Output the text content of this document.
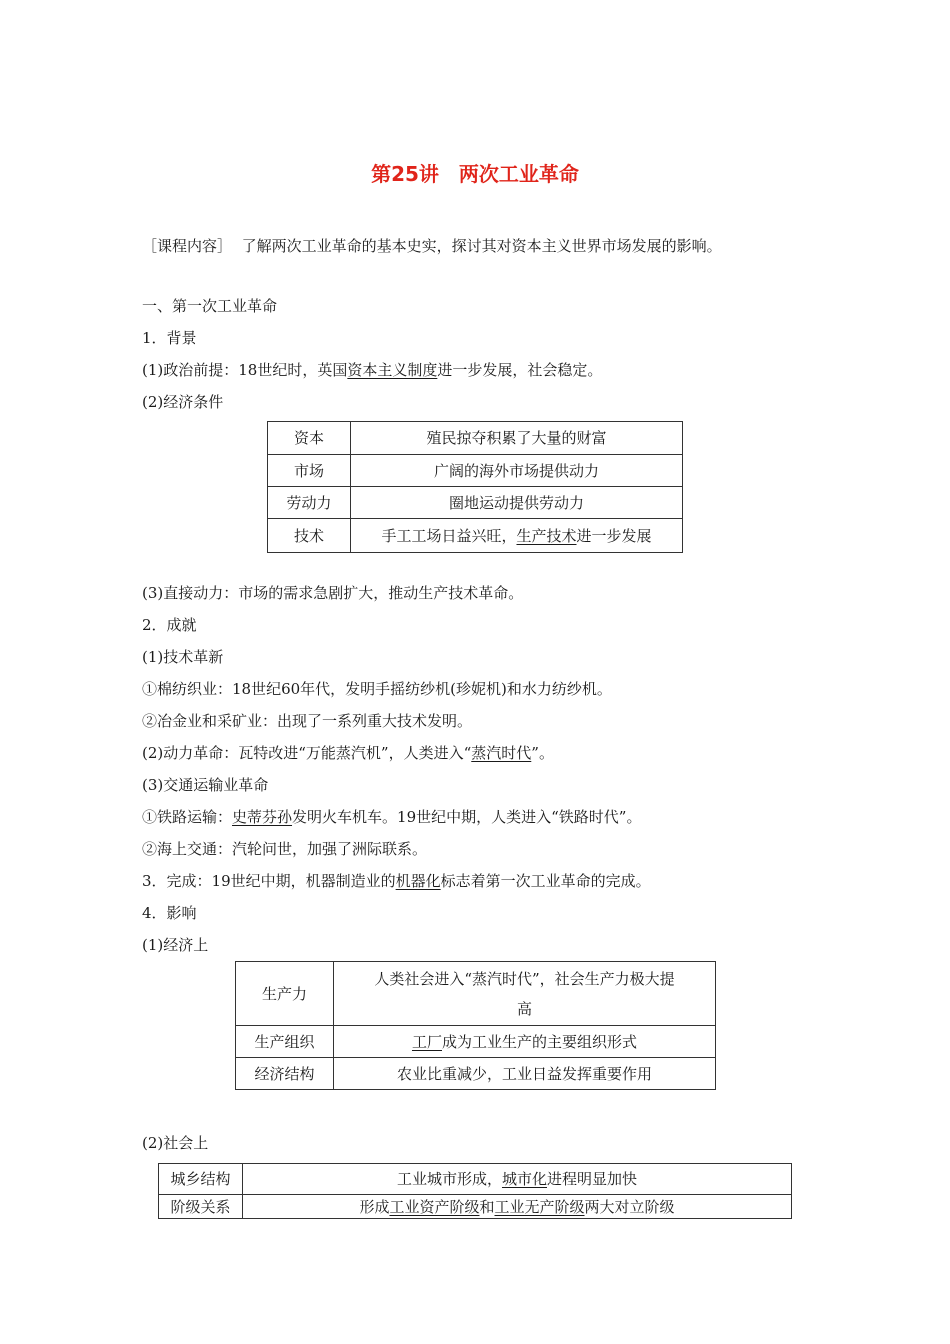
第25讲　两次工业革命
［课程内容］ 了解两次工业革命的基本史实，探讨其对资本主义世界市场发展的影响。
一、第一次工业革命
1．背景
(1)政治前提：18世纪时，英国资本主义制度进一步发展，社会稳定。
(2)经济条件
资本	殖民掠夺积累了大量的财富
市场	广阔的海外市场提供动力
劳动力	圈地运动提供劳动力
技术	手工工场日益兴旺，生产技术进一步发展
(3)直接动力：市场的需求急剧扩大，推动生产技术革命。
2．成就
(1)技术革新
①棉纺织业：18世纪60年代，发明手摇纺纱机(珍妮机)和水力纺纱机。
②冶金业和采矿业：出现了一系列重大技术发明。
(2)动力革命：瓦特改进“万能蒸汽机”，人类进入“蒸汽时代”。
(3)交通运输业革命
①铁路运输：史蒂芬孙发明火车机车。19世纪中期，人类进入“铁路时代”。
②海上交通：汽轮问世，加强了洲际联系。
3．完成：19世纪中期，机器制造业的机器化标志着第一次工业革命的完成。
4．影响
(1)经济上
生产力	人类社会进入“蒸汽时代”，社会生产力极大提
高

生产组织	工厂成为工业生产的主要组织形式
经济结构	农业比重减少，工业日益发挥重要作用
(2)社会上
城乡结构	工业城市形成，城市化进程明显加快
阶级关系	形成工业资产阶级和工业无产阶级两大对立阶级
